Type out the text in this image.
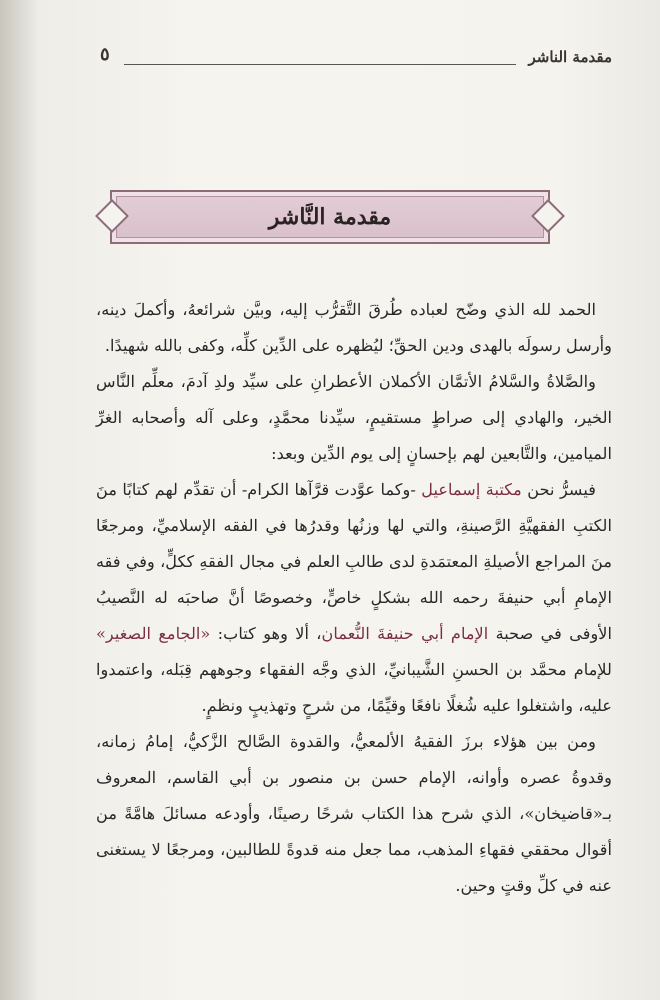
مقدمة الناشر
٥
مقدمة النَّاشر

الحمد لله الذي وضّح لعباده طُرقَ التَّقرُّب إليه، وبيَّن شرائعهُ، وأكملَ دينه، وأرسل رسولَه بالهدى ودين الحقِّ؛ ليُظهره على الدِّين كلِّه، وكفى بالله شهيدًا.

والصَّلاةُ والسَّلامُ الأتمَّان الأكملان الأعطرانِ على سيِّد ولدِ آدمَ، معلِّم النَّاس الخير، والهادي إلى صراطٍ مستقيمٍ، سيِّدنا محمَّدٍ، وعلى آله وأصحابه الغرِّ الميامين، والتَّابعين لهم بإحسانٍ إلى يوم الدِّين وبعد:

فيسرُّ نحن مكتبة إسماعيل -وكما عوَّدت قرَّآها الكرام- أن تقدِّم لهم كتابًا منَ الكتبِ الفقهيَّةِ الرَّصينةِ، والتي لها وزنُها وقدرُها في الفقه الإسلاميِّ، ومرجعًا منَ المراجع الأصيلةِ المعتمَدةِ لدى طالبِ العلم في مجال الفقهِ ككلٍّ، وفي فقه الإمامِ أبي حنيفةَ رحمه الله بشكلٍ خاصٍّ، وخصوصًا أنَّ صاحبَه له النَّصيبُ الأوفى في صحبة الإمام أبي حنيفةَ النُّعمان، ألا وهو كتاب: «الجامع الصغير» للإمام محمَّد بن الحسنِ الشَّيبانيِّ، الذي وجَّه الفقهاء وجوههم قِبَله، واعتمدوا عليه، واشتغلوا عليه شُغلًا نافعًا وقيِّمًا، من شرحٍ وتهذيبٍ ونظمٍ.

ومن بين هؤلاء برزَ الفقيهُ الألمعيُّ، والقدوة الصَّالح الزَّكيُّ، إمامُ زمانه، وقدوةُ عصره وأوانه، الإمام حسن بن منصور بن أبي القاسم، المعروف بـ«قاضيخان»، الذي شرح هذا الكتاب شرحًا رصينًا، وأودعه مسائلَ هامَّةً من أقوال محققي فقهاءِ المذهب، مما جعل منه قدوةً للطالبين، ومرجعًا لا يستغنى عنه في كلِّ وقتٍ وحين.
